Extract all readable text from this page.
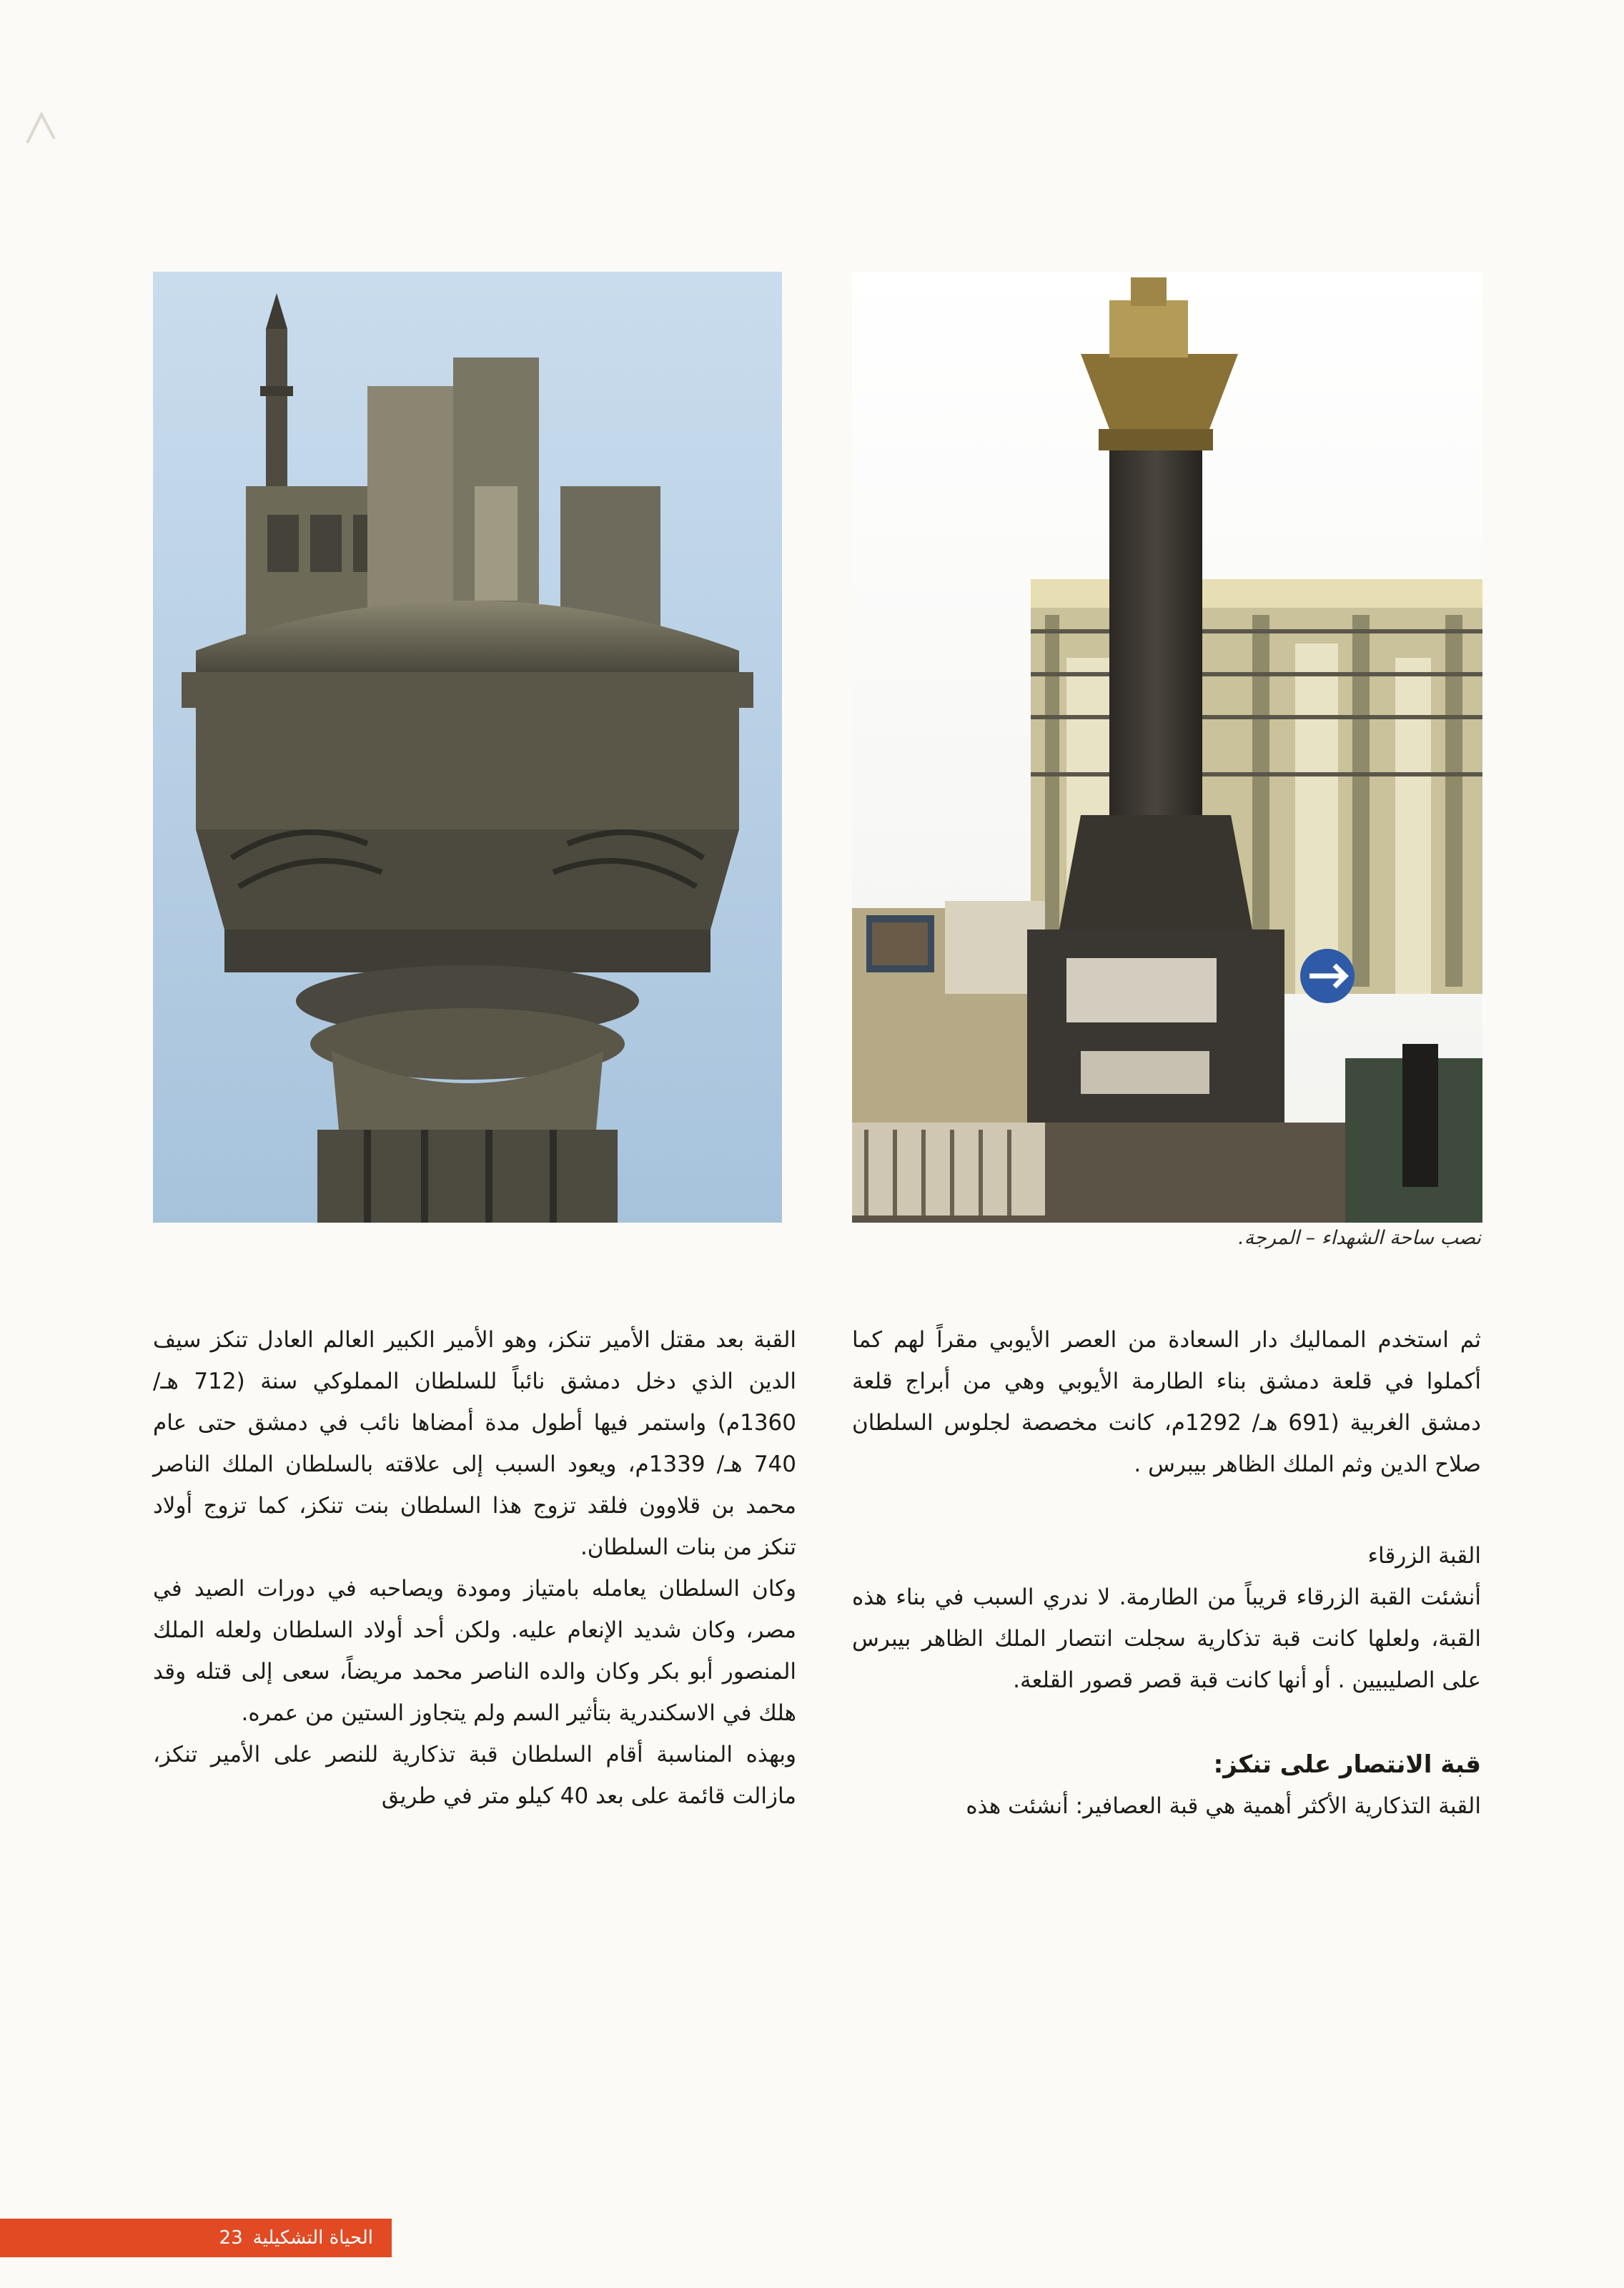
نصب ساحة الشهداء – المرجة.

ثم استخدم المماليك دار السعادة من العصر الأيوبي مقراً لهم كما أكملوا في قلعة دمشق بناء الطارمة الأيوبي وهي من أبراج قلعة دمشق الغربية (691 هـ/ 1292م، كانت مخصصة لجلوس السلطان صلاح الدين وثم الملك الظاهر بيبرس .

القبة الزرقاء

أنشئت القبة الزرقاء قريباً من الطارمة. لا ندري السبب في بناء هذه القبة، ولعلها كانت قبة تذكارية سجلت انتصار الملك الظاهر بيبرس على الصليبيين . أو أنها كانت قبة قصر قصور القلعة.

قبة الانتصار على تنكز:

القبة التذكارية الأكثر أهمية هي قبة العصافير: أنشئت هذه

القبة بعد مقتل الأمير تنكز، وهو الأمير الكبير العالم العادل تنكز سيف الدين الذي دخل دمشق نائباً للسلطان المملوكي سنة (712 هـ/ 1360م) واستمر فيها أطول مدة أمضاها نائب في دمشق حتى عام 740 هـ/ 1339م، ويعود السبب إلى علاقته بالسلطان الملك الناصر محمد بن قلاوون فلقد تزوج هذا السلطان بنت تنكز، كما تزوج أولاد تنكز من بنات السلطان.

وكان السلطان يعامله بامتياز ومودة ويصاحبه في دورات الصيد في مصر، وكان شديد الإنعام عليه. ولكن أحد أولاد السلطان ولعله الملك المنصور أبو بكر وكان والده الناصر محمد مريضاً، سعى إلى قتله وقد هلك في الاسكندرية بتأثير السم ولم يتجاوز الستين من عمره.

وبهذه المناسبة أقام السلطان قبة تذكارية للنصر على الأمير تنكز، مازالت قائمة على بعد 40 كيلو متر في طريق

الحياة التشكيلية
23
